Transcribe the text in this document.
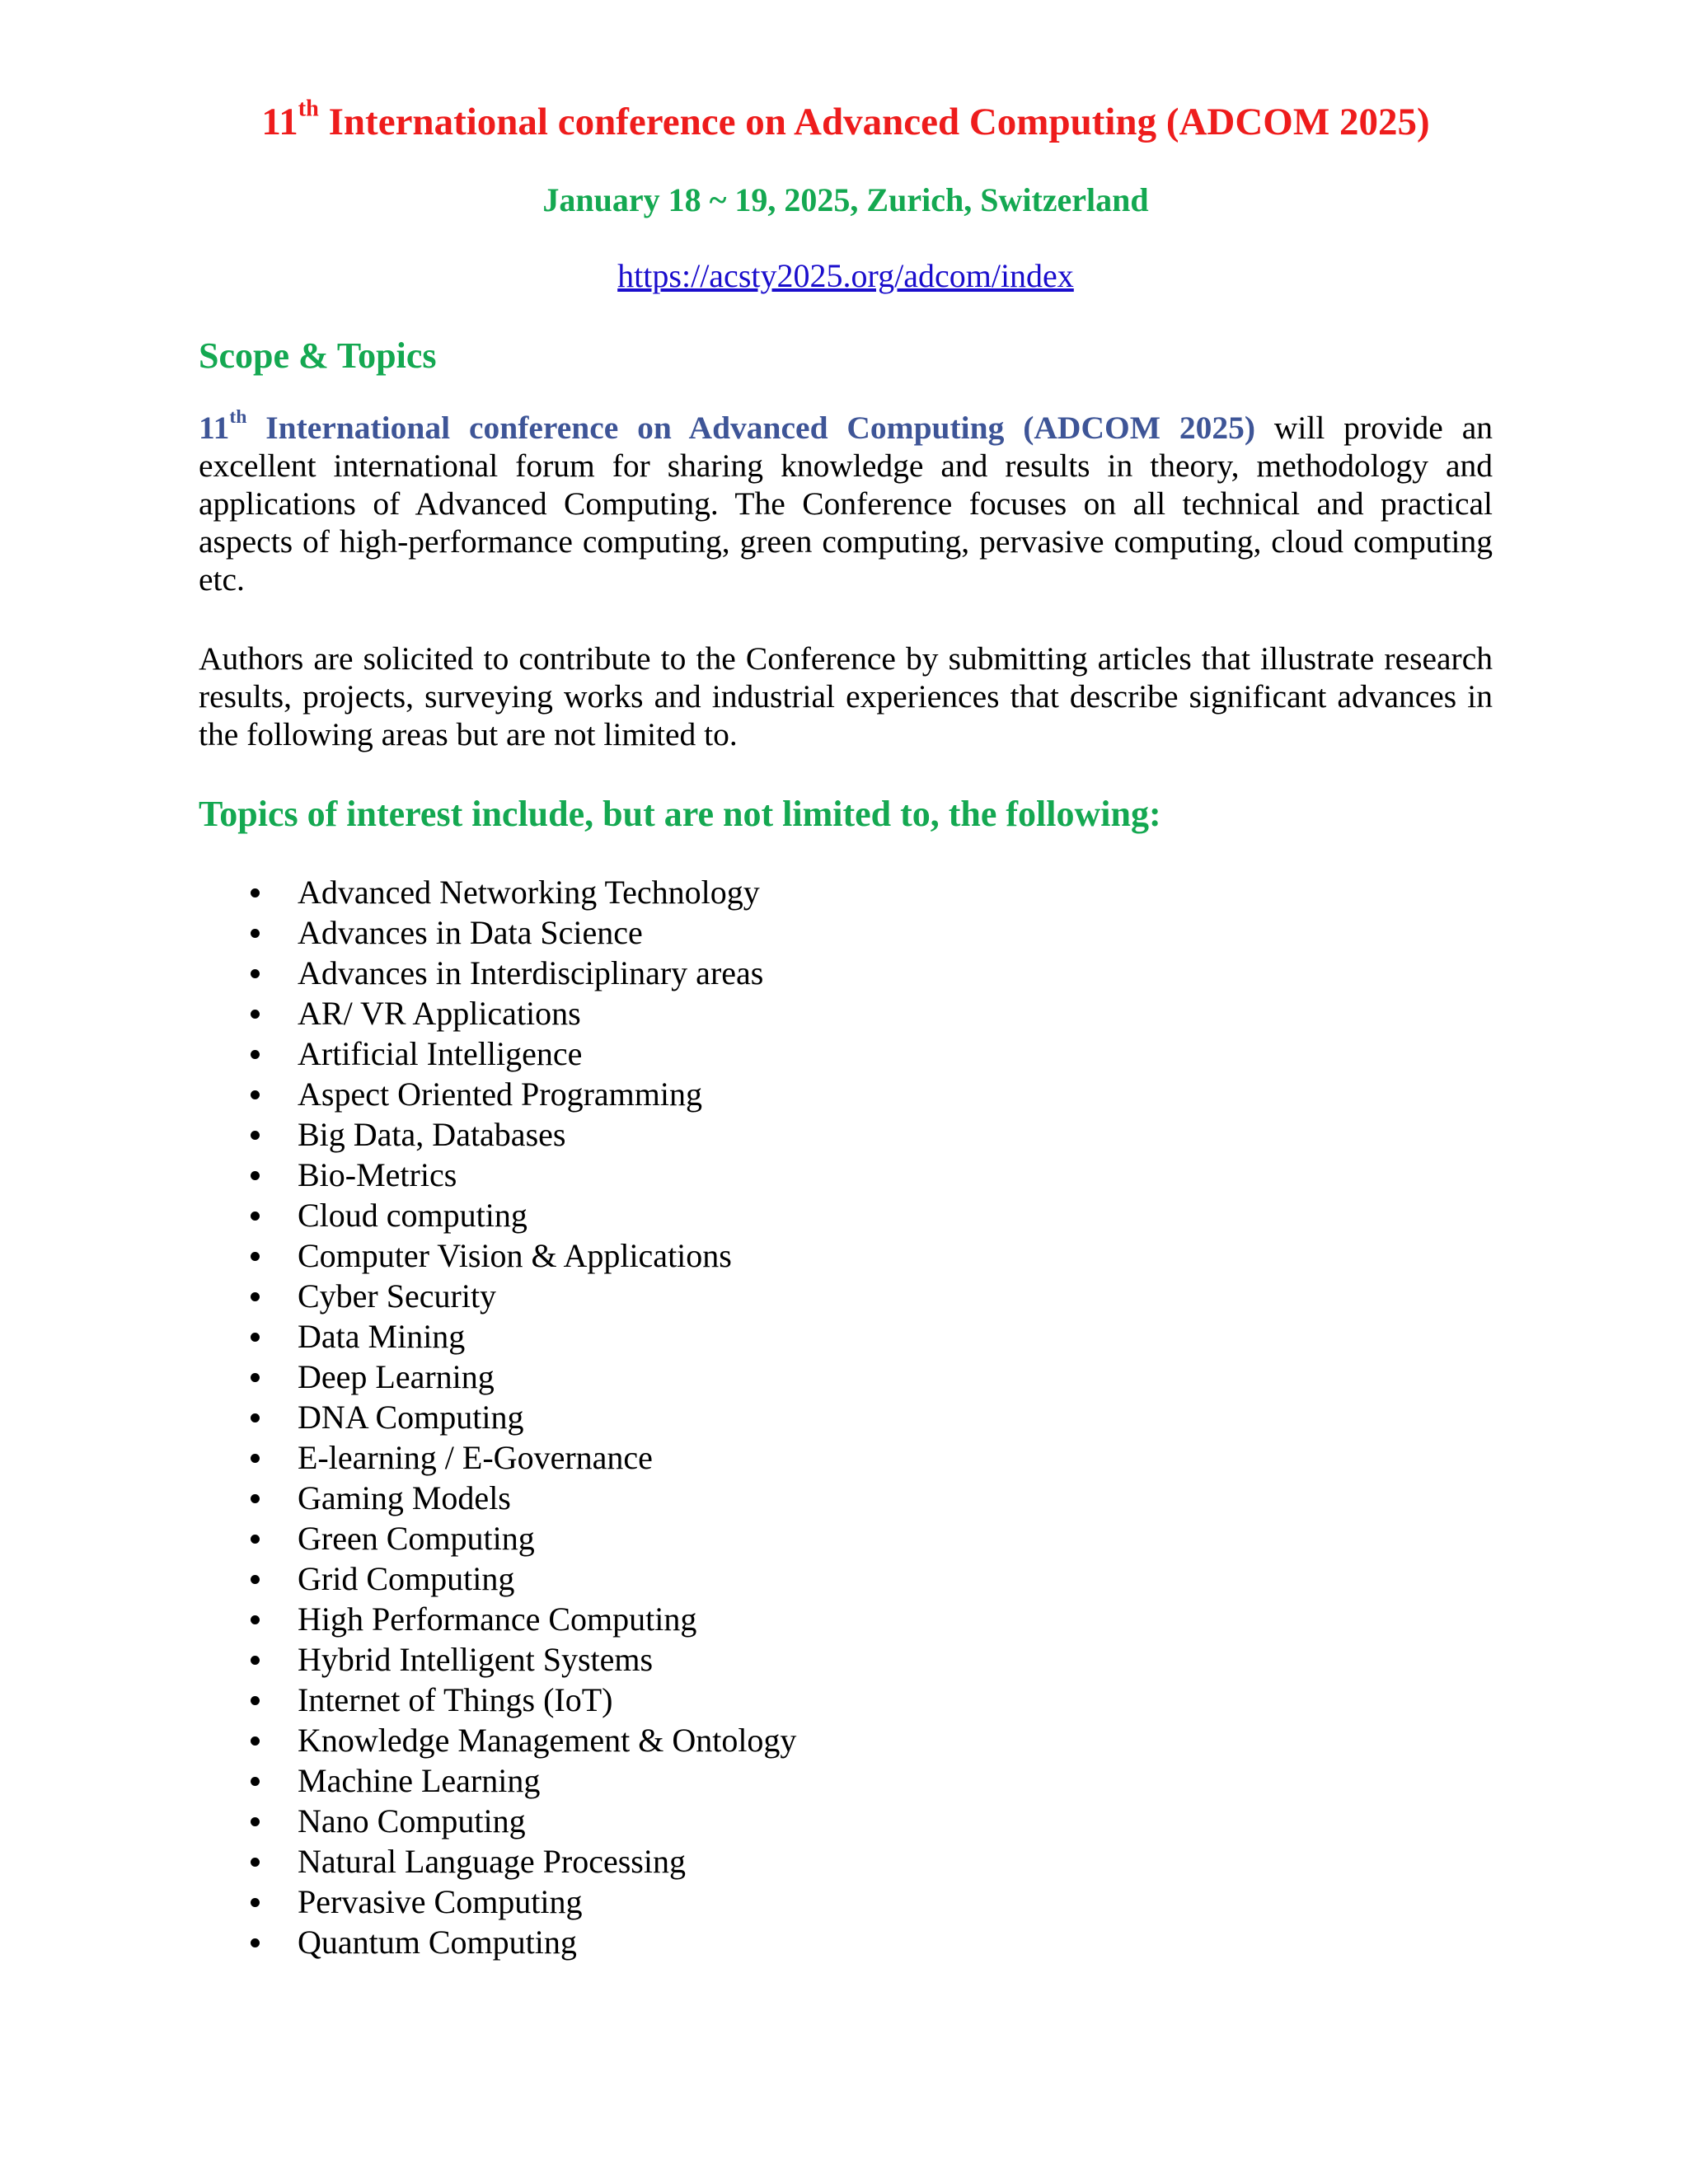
11th International conference on Advanced Computing (ADCOM 2025)
January 18 ~ 19, 2025, Zurich, Switzerland
https://acsty2025.org/adcom/index
Scope & Topics
11th International conference on Advanced Computing (ADCOM 2025) will provide an excellent international forum for sharing knowledge and results in theory, methodology and applications of Advanced Computing. The Conference focuses on all technical and practical aspects of high-performance computing, green computing, pervasive computing, cloud computing etc.
Authors are solicited to contribute to the Conference by submitting articles that illustrate research results, projects, surveying works and industrial experiences that describe significant advances in the following areas but are not limited to.
Topics of interest include, but are not limited to, the following:
Advanced Networking Technology
Advances in Data Science
Advances in Interdisciplinary areas
AR/ VR Applications
Artificial Intelligence
Aspect Oriented Programming
Big Data, Databases
Bio-Metrics
Cloud computing
Computer Vision & Applications
Cyber Security
Data Mining
Deep Learning
DNA Computing
E-learning / E-Governance
Gaming Models
Green Computing
Grid Computing
High Performance Computing
Hybrid Intelligent Systems
Internet of Things (IoT)
Knowledge Management & Ontology
Machine Learning
Nano Computing
Natural Language Processing
Pervasive Computing
Quantum Computing
